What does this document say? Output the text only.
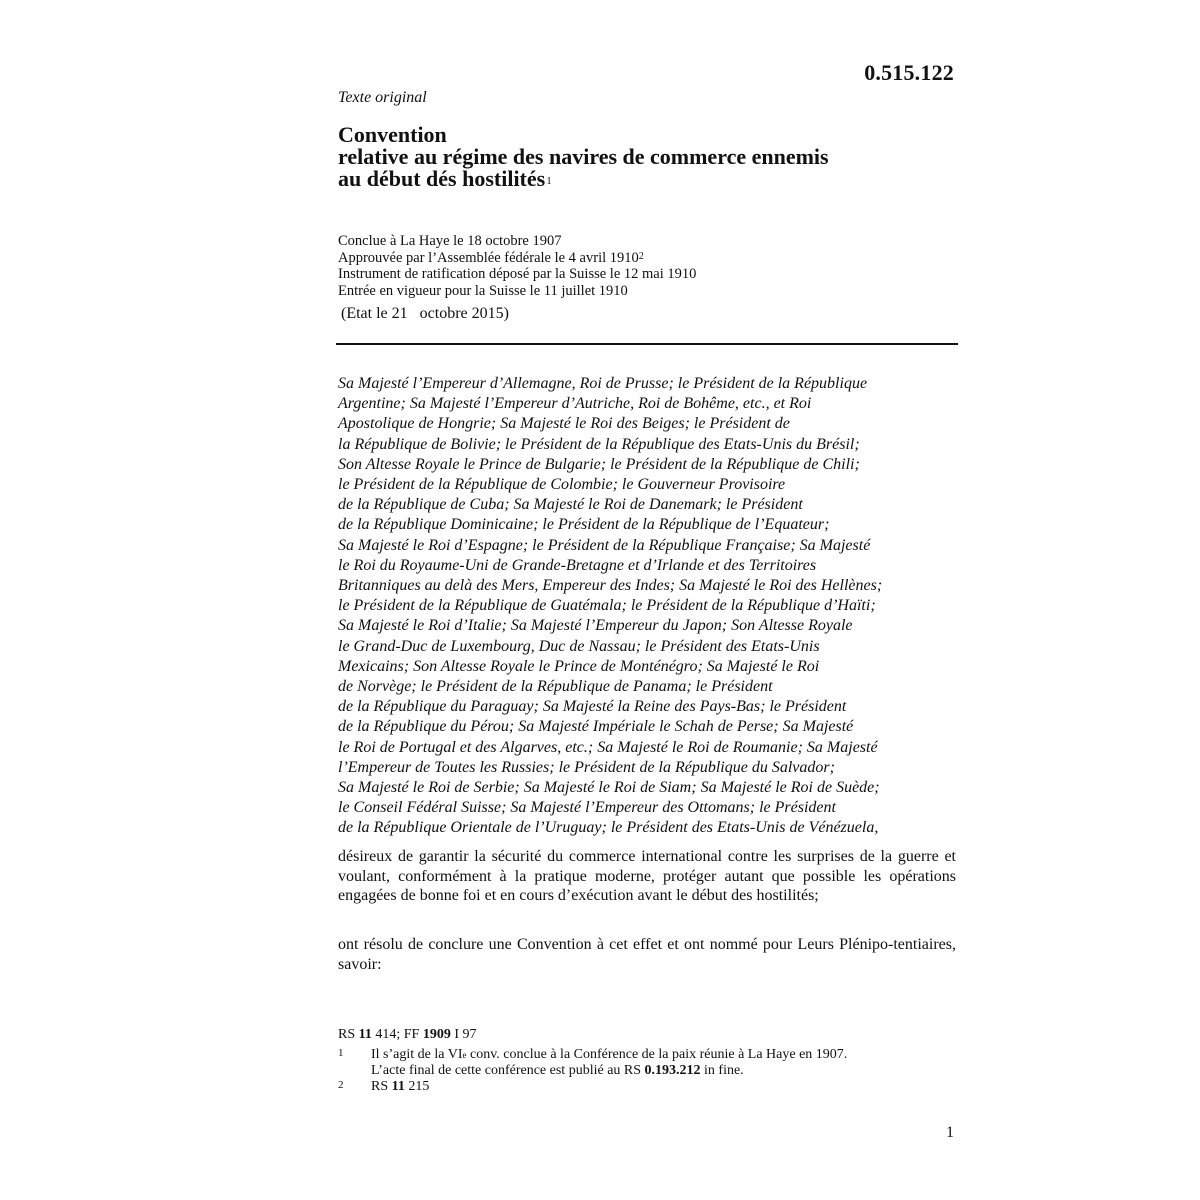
0.515.122
Texte original
Convention
relative au régime des navires de commerce ennemis
au début dés hostilités$^1$
Conclue à La Haye le 18 octobre 1907
Approuvée par l’Assemblée fédérale le 4 avril 1910$^2$
Instrument de ratification déposé par la Suisse le 12 mai 1910
Entrée en vigueur pour la Suisse le 11 juillet 1910
(Etat le 21   octobre 2015)
Sa Majesté l’Empereur d’Allemagne, Roi de Prusse; le Président de la République
Argentine; Sa Majesté l’Empereur d’Autriche, Roi de Bohême, etc., et Roi
Apostolique de Hongrie; Sa Majesté le Roi des Beiges; le Président de
la République de Bolivie; le Président de la République des Etats-Unis du Brésil;
Son Altesse Royale le Prince de Bulgarie; le Président de la République de Chili;
le Président de la République de Colombie; le Gouverneur Provisoire
de la République de Cuba; Sa Majesté le Roi de Danemark; le Président
de la République Dominicaine; le Président de la République de l’Equateur;
Sa Majesté le Roi d’Espagne; le Président de la République Française; Sa Majesté
le Roi du Royaume-Uni de Grande-Bretagne et d’Irlande et des Territoires
Britanniques au delà des Mers, Empereur des Indes; Sa Majesté le Roi des Hellènes;
le Président de la République de Guatémala; le Président de la République d’Haïti;
Sa Majesté le Roi d’Italie; Sa Majesté l’Empereur du Japon; Son Altesse Royale
le Grand-Duc de Luxembourg, Duc de Nassau; le Président des Etats-Unis
Mexicains; Son Altesse Royale le Prince de Monténégro; Sa Majesté le Roi
de Norvège; le Président de la République de Panama; le Président
de la République du Paraguay; Sa Majesté la Reine des Pays-Bas; le Président
de la République du Pérou; Sa Majesté Impériale le Schah de Perse; Sa Majesté
le Roi de Portugal et des Algarves, etc.; Sa Majesté le Roi de Roumanie; Sa Majesté
l’Empereur de Toutes les Russies; le Président de la République du Salvador;
Sa Majesté le Roi de Serbie; Sa Majesté le Roi de Siam; Sa Majesté le Roi de Suède;
le Conseil Fédéral Suisse; Sa Majesté l’Empereur des Ottomans; le Président
de la République Orientale de l’Uruguay; le Président des Etats-Unis de Vénézuela,
désireux de garantir la sécurité du commerce international contre les surprises de la guerre et voulant, conformément à la pratique moderne, protéger autant que possible les opérations engagées de bonne foi et en cours d’exécution avant le début des hostilités;
ont résolu de conclure une Convention à cet effet et ont nommé pour Leurs Plénipo-tentiaires, savoir:
RS 11 414; FF 1909 I 97
1 Il s’agit de la VIe conv. conclue à la Conférence de la paix réunie à La Haye en 1907.
L’acte final de cette conférence est publié au RS 0.193.212 in fine.
2 RS 11 215
1
